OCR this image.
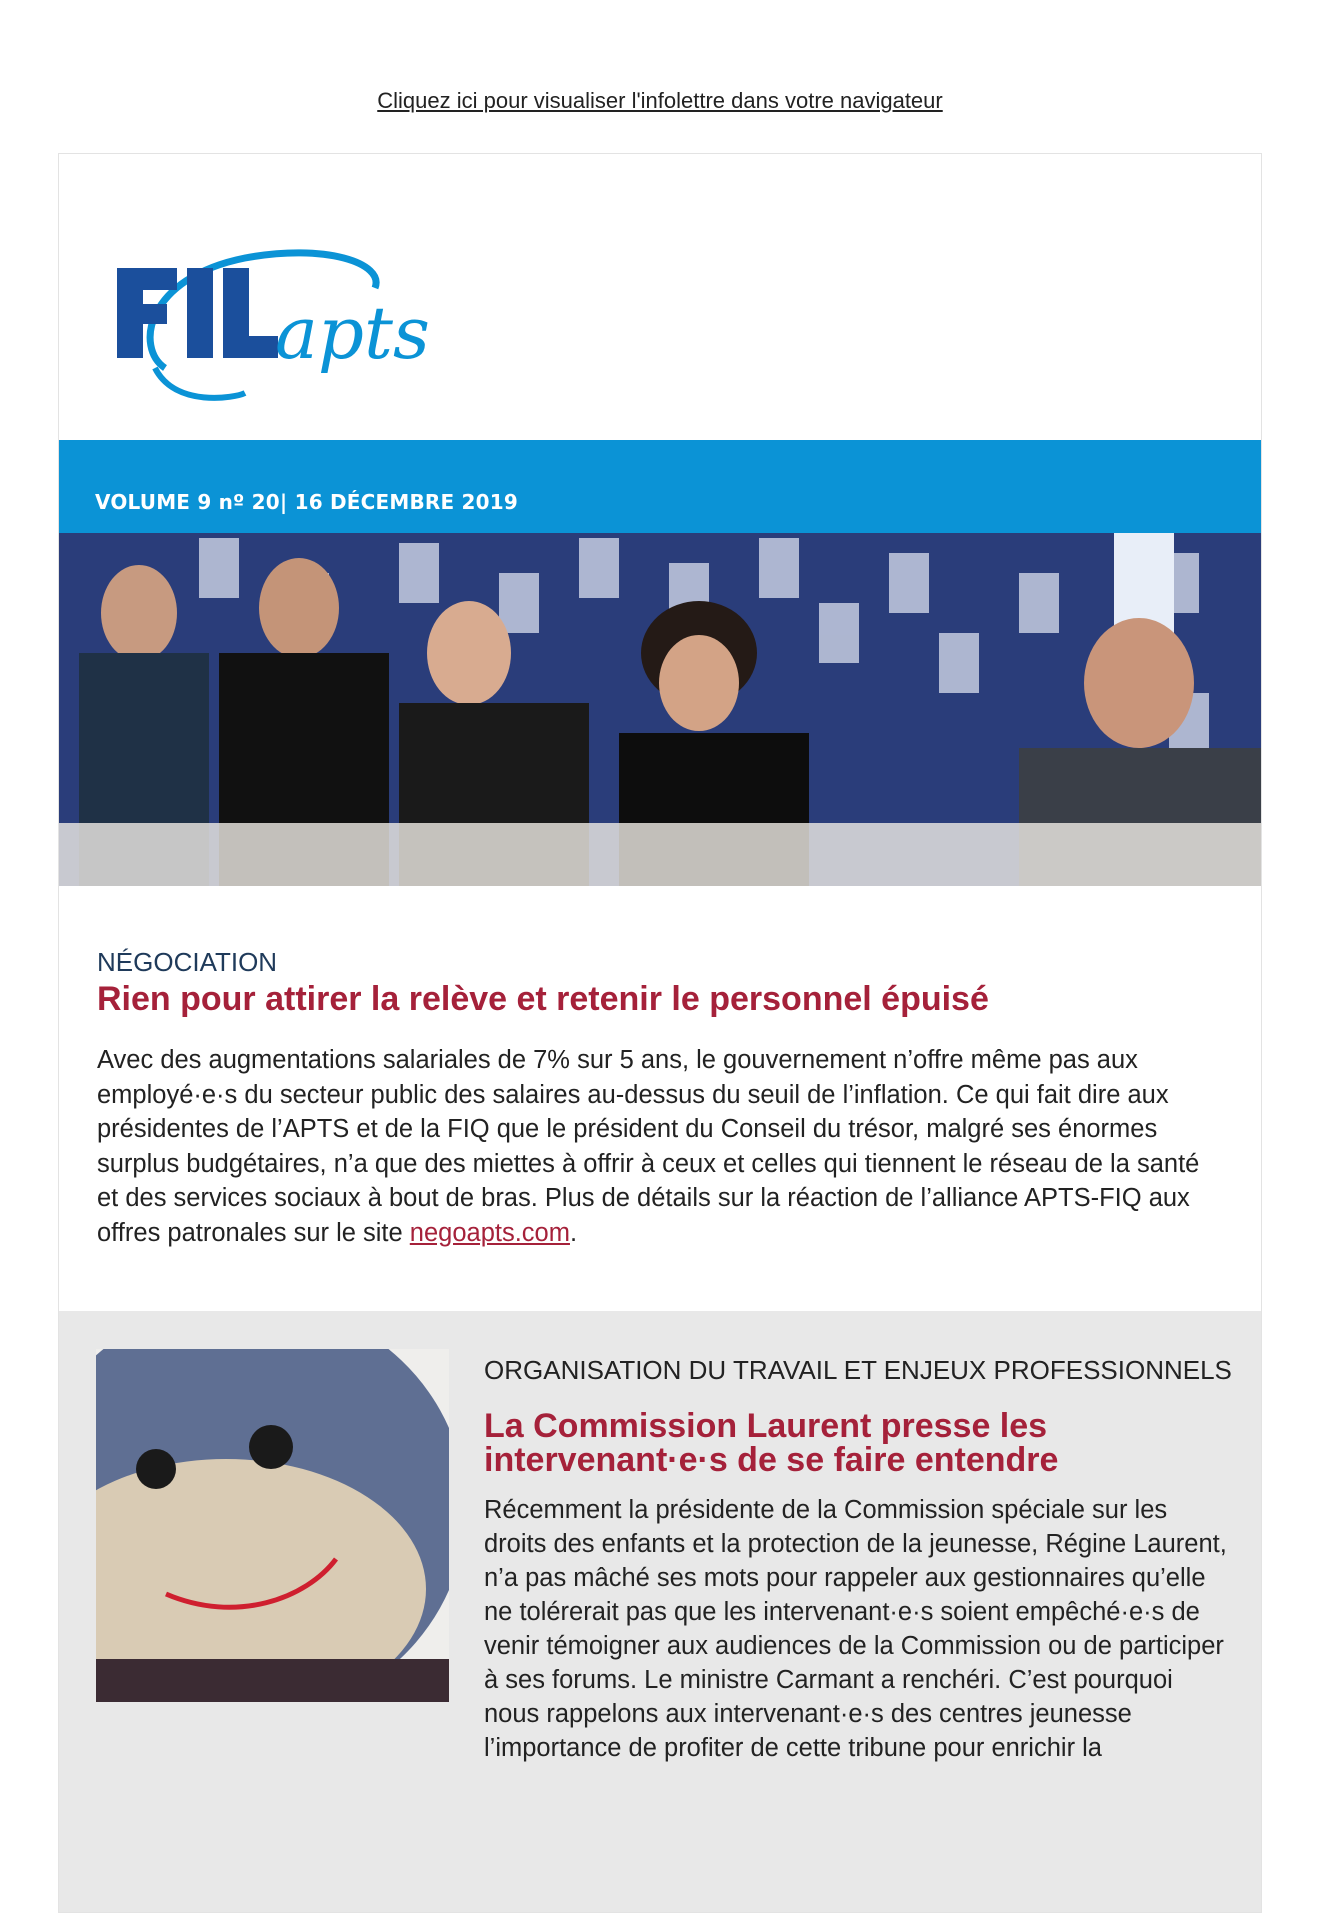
Cliquez ici pour visualiser l'infolettre dans votre navigateur
apts
VOLUME 9 nº 20| 16 DÉCEMBRE 2019
NÉGOCIATION
Rien pour attirer la relève et retenir le personnel épuisé
Avec des augmentations salariales de 7% sur 5 ans, le gouvernement n’offre même pas aux employé·e·s du secteur public des salaires au-dessus du seuil de l’inflation. Ce qui fait dire aux présidentes de l’APTS et de la FIQ que le président du Conseil du trésor, malgré ses énormes surplus budgétaires, n’a que des miettes à offrir à ceux et celles qui tiennent le réseau de la santé et des services sociaux à bout de bras. Plus de détails sur la réaction de l’alliance APTS-FIQ aux offres patronales sur le site negoapts.com.
ORGANISATION DU TRAVAIL ET ENJEUX PROFESSIONNELS
La Commission Laurent presse les intervenant·e·s de se faire entendre
Récemment la présidente de la Commission spéciale sur les droits des enfants et la protection de la jeunesse, Régine Laurent, n’a pas mâché ses mots pour rappeler aux gestionnaires qu’elle ne tolérerait pas que les intervenant·e·s soient empêché·e·s de venir témoigner aux audiences de la Commission ou de participer à ses forums. Le ministre Carmant a renchéri. C’est pourquoi nous rappelons aux intervenant·e·s des centres jeunesse l’importance de profiter de cette tribune pour enrichir la
